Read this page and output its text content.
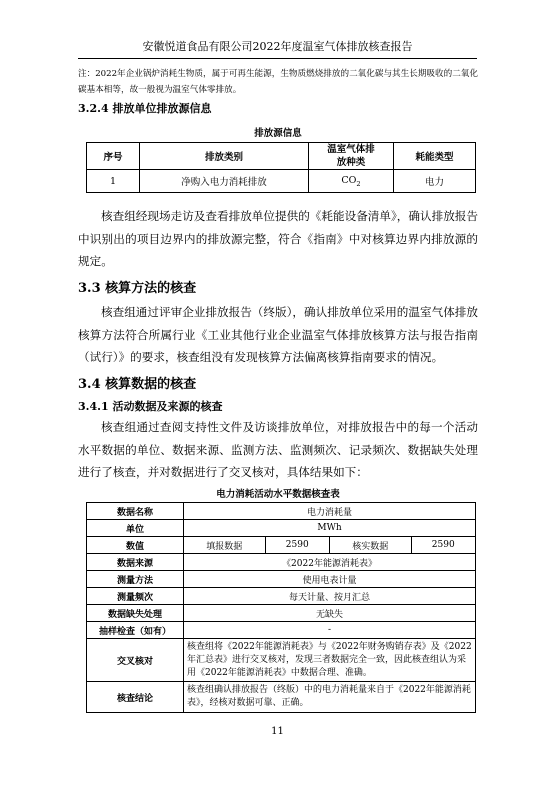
安徽悦道食品有限公司2022年度温室气体排放核查报告
注：2022年企业锅炉消耗生物质，属于可再生能源，生物质燃烧排放的二氧化碳与其生长期吸收的二氧化碳基本相等，故一般视为温室气体零排放。
3.2.4 排放单位排放源信息
排放源信息
序号	排放类别	温室气体排放种类	耗能类型
1	净购入电力消耗排放	$CO_2$	电力
核查组经现场走访及查看排放单位提供的《耗能设备清单》，确认排放报告中识别出的项目边界内的排放源完整，符合《指南》中对核算边界内排放源的规定。
3.3 核算方法的核查
核查组通过评审企业排放报告（终版），确认排放单位采用的温室气体排放核算方法符合所属行业《工业其他行业企业温室气体排放核算方法与报告指南（试行）》的要求，核查组没有发现核算方法偏离核算指南要求的情况。
3.4 核算数据的核查
3.4.1 活动数据及来源的核查
核查组通过查阅支持性文件及访谈排放单位，对排放报告中的每一个活动水平数据的单位、数据来源、监测方法、监测频次、记录频次、数据缺失处理进行了核查，并对数据进行了交叉核对，具体结果如下：
电力消耗活动水平数据核查表
数据名称	电力消耗量			
单位	MWh			
数值	填报数据	2590	核实数据	2590
数据来源	《2022年能源消耗表》			
测量方法	使用电表计量			
测量频次	每天计量、按月汇总			
数据缺失处理	无缺失			
抽样检查（如有）	-			
交叉核对	核查组将《2022年能源消耗表》与《2022年财务购销存表》及《2022年汇总表》进行交叉核对，发现三者数据完全一致，因此核查组认为采用《2022年能源消耗表》中数据合理、准确。			
核查结论	核查组确认排放报告（终版）中的电力消耗量来自于《2022年能源消耗表》，经核对数据可靠、正确。			
11
